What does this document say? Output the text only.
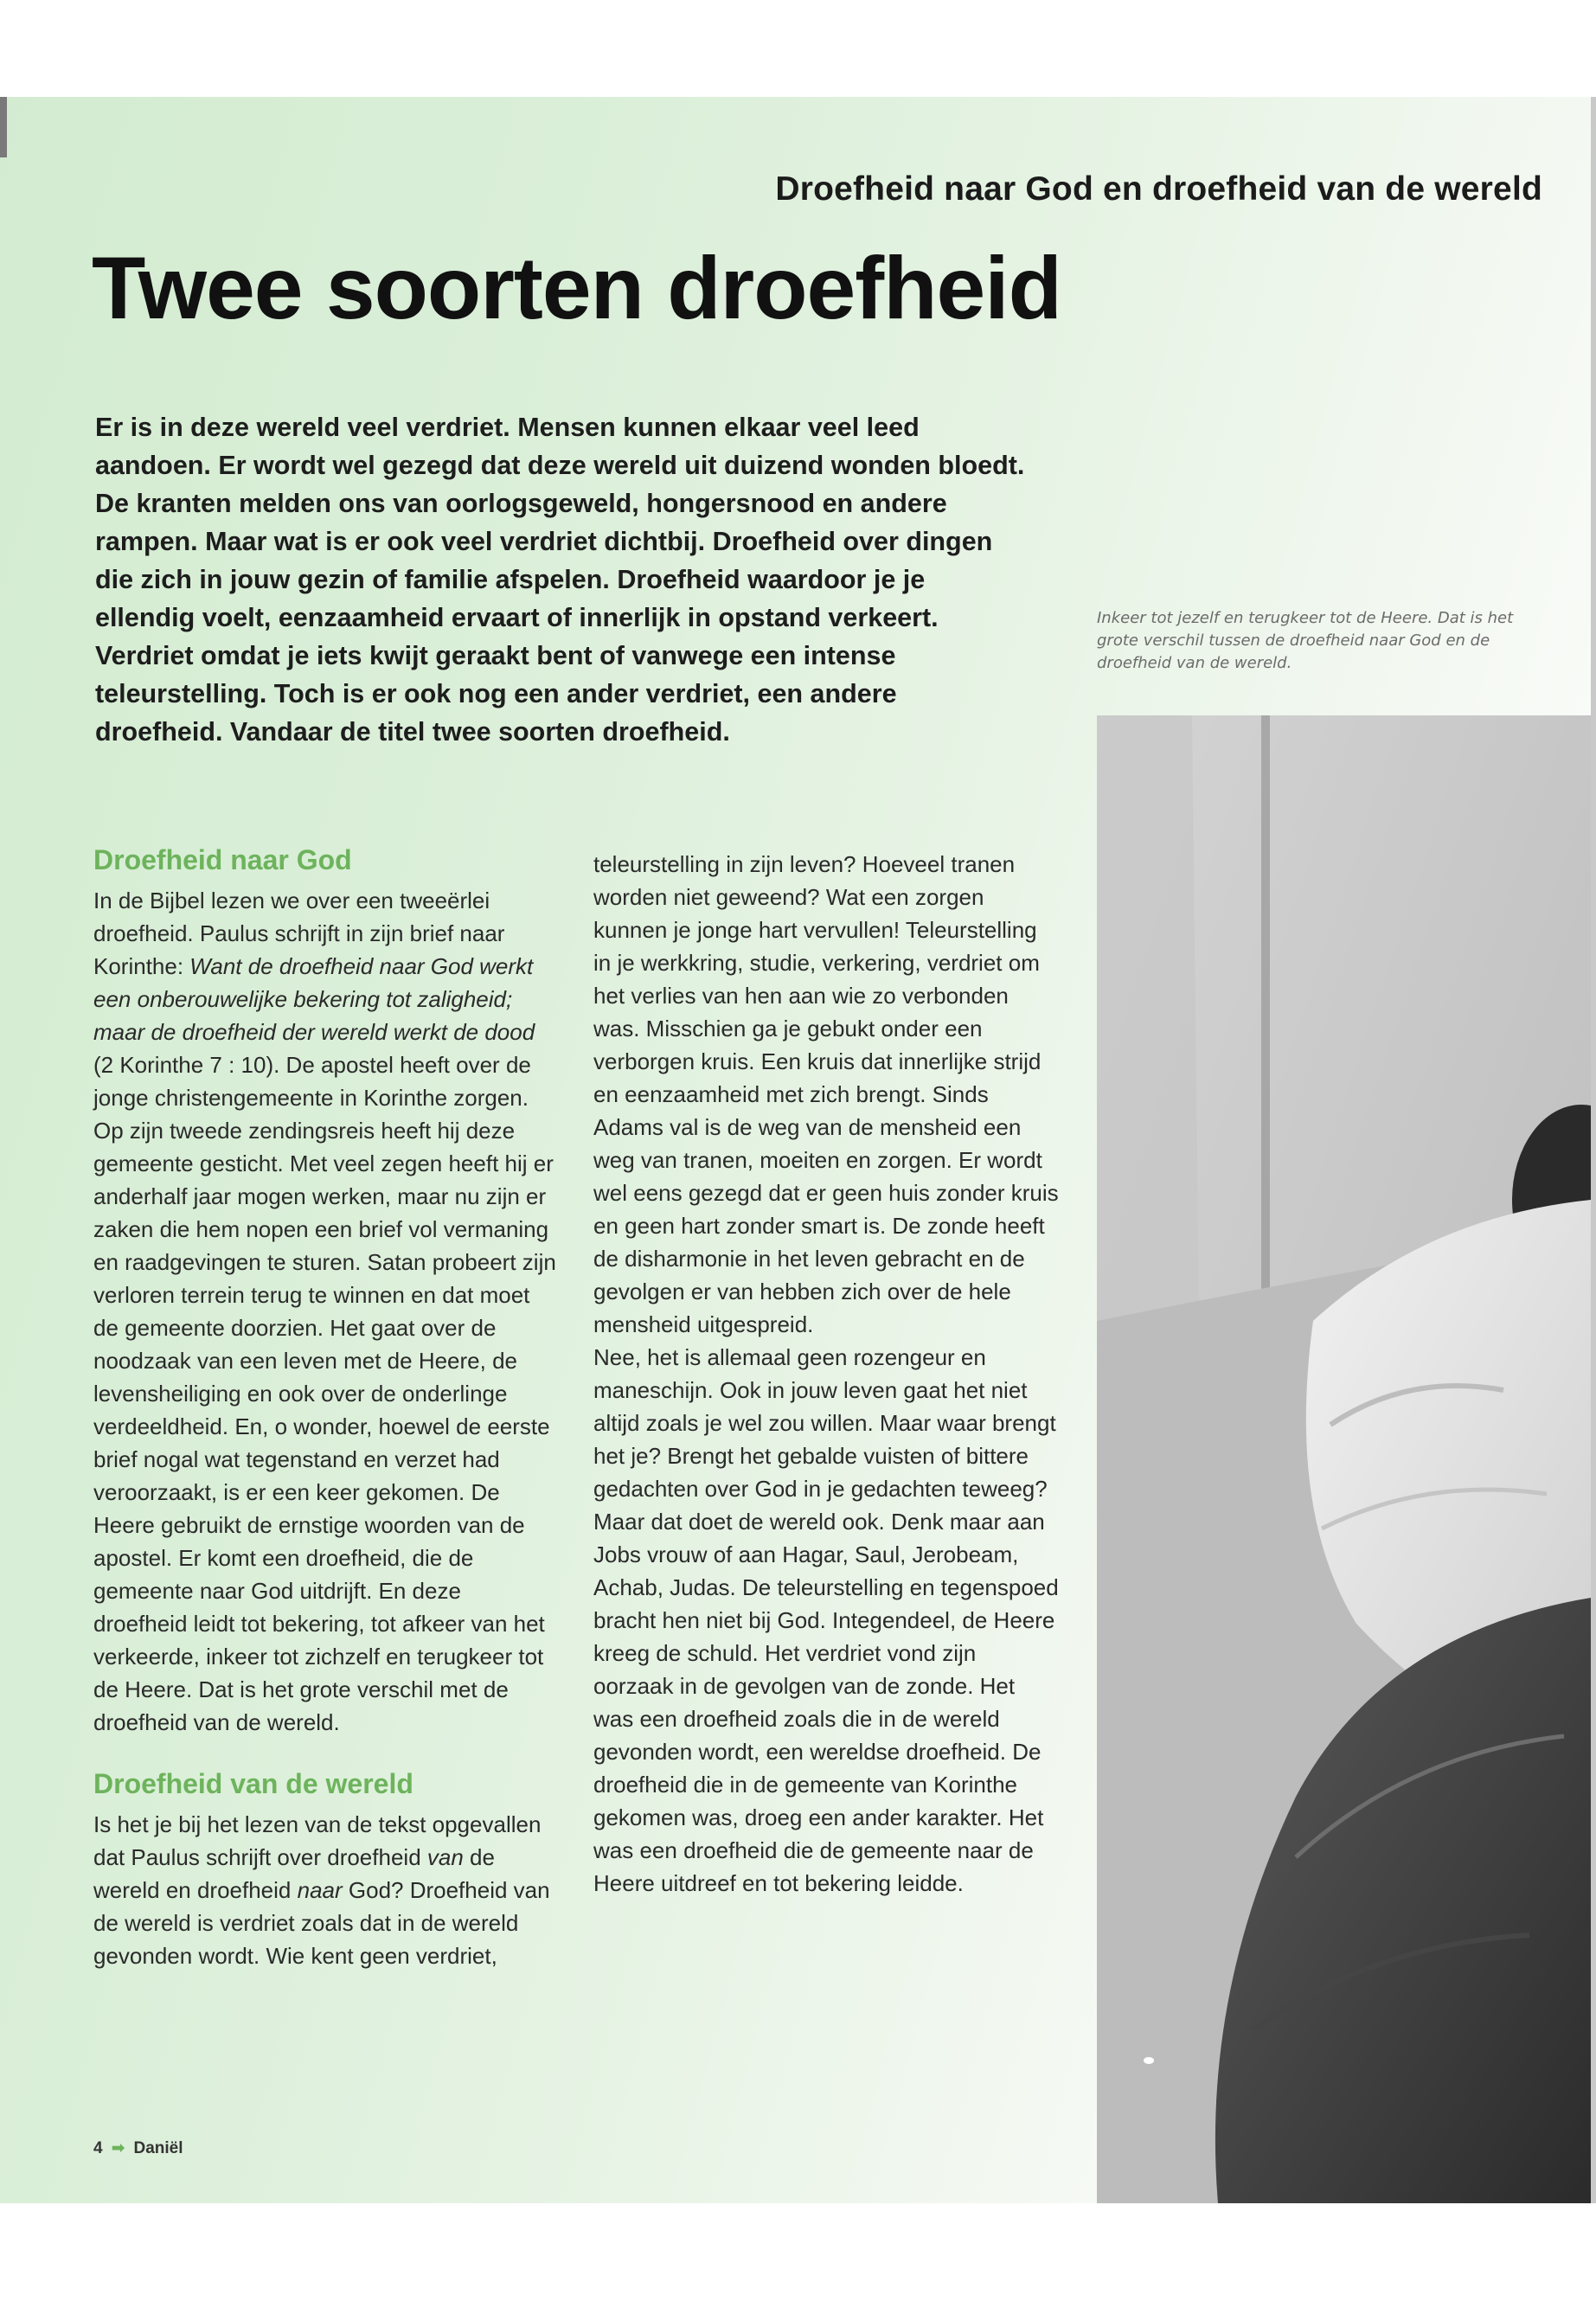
Droefheid naar God en droefheid van de wereld
Twee soorten droefheid
Er is in deze wereld veel verdriet. Mensen kunnen elkaar veel leed aandoen. Er wordt wel gezegd dat deze wereld uit duizend wonden bloedt. De kranten melden ons van oorlogsgeweld, hongersnood en andere rampen. Maar wat is er ook veel verdriet dichtbij. Droefheid over dingen die zich in jouw gezin of familie afspelen. Droefheid waardoor je je ellendig voelt, eenzaamheid ervaart of innerlijk in opstand verkeert. Verdriet omdat je iets kwijt geraakt bent of vanwege een intense teleurstelling. Toch is er ook nog een ander verdriet, een andere droefheid. Vandaar de titel twee soorten droefheid.
Inkeer tot jezelf en terugkeer tot de Heere. Dat is het grote verschil tussen de droefheid naar God en de droefheid van de wereld.
Droefheid naar God

In de Bijbel lezen we over een tweeërlei droefheid. Paulus schrijft in zijn brief naar Korinthe: Want de droefheid naar God werkt een onberouwelijke bekering tot zaligheid; maar de droefheid der wereld werkt de dood (2 Korinthe 7 : 10). De apostel heeft over de jonge christengemeente in Korinthe zorgen. Op zijn tweede zendingsreis heeft hij deze gemeente gesticht. Met veel zegen heeft hij er anderhalf jaar mogen werken, maar nu zijn er zaken die hem nopen een brief vol vermaning en raadgevingen te sturen. Satan probeert zijn verloren terrein terug te winnen en dat moet de gemeente doorzien. Het gaat over de noodzaak van een leven met de Heere, de levensheiliging en ook over de onderlinge verdeeldheid. En, o wonder, hoewel de eerste brief nogal wat tegenstand en verzet had veroorzaakt, is er een keer gekomen. De Heere gebruikt de ernstige woorden van de apostel. Er komt een droefheid, die de gemeente naar God uitdrijft. En deze droefheid leidt tot bekering, tot afkeer van het verkeerde, inkeer tot zichzelf en terugkeer tot de Heere. Dat is het grote verschil met de droefheid van de wereld.

Droefheid van de wereld

Is het je bij het lezen van de tekst opgevallen dat Paulus schrijft over droefheid van de wereld en droefheid naar God? Droefheid van de wereld is verdriet zoals dat in de wereld gevonden wordt. Wie kent geen verdriet,

teleurstelling in zijn leven? Hoeveel tranen worden niet geweend? Wat een zorgen kunnen je jonge hart vervullen! Teleurstelling in je werkkring, studie, verkering, verdriet om het verlies van hen aan wie zo verbonden was. Misschien ga je gebukt onder een verborgen kruis. Een kruis dat innerlijke strijd en eenzaamheid met zich brengt. Sinds Adams val is de weg van de mensheid een weg van tranen, moeiten en zorgen. Er wordt wel eens gezegd dat er geen huis zonder kruis en geen hart zonder smart is. De zonde heeft de disharmonie in het leven gebracht en de gevolgen er van hebben zich over de hele mensheid uitgespreid.

Nee, het is allemaal geen rozengeur en maneschijn. Ook in jouw leven gaat het niet altijd zoals je wel zou willen. Maar waar brengt het je? Brengt het gebalde vuisten of bittere gedachten over God in je gedachten teweeg? Maar dat doet de wereld ook. Denk maar aan Jobs vrouw of aan Hagar, Saul, Jerobeam, Achab, Judas. De teleurstelling en tegenspoed bracht hen niet bij God. Integendeel, de Heere kreeg de schuld. Het verdriet vond zijn oorzaak in de gevolgen van de zonde. Het was een droefheid zoals die in de wereld gevonden wordt, een wereldse droefheid. De droefheid die in de gemeente van Korinthe gekomen was, droeg een ander karakter. Het was een droefheid die de gemeente naar de Heere uitdreef en tot bekering leidde.

4 ➡ Daniël
